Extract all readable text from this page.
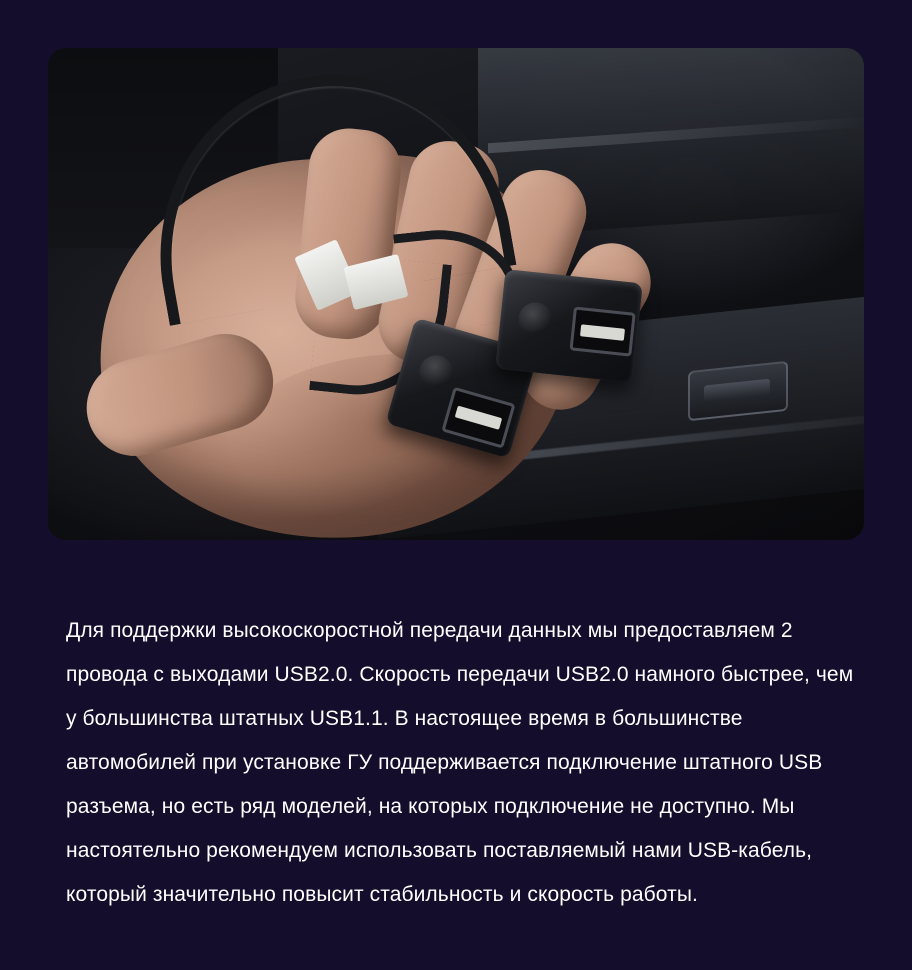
Для поддержки высокоскоростной передачи данных мы предоставляем 2 провода с выходами USB2.0. Скорость передачи USB2.0 намного быстрее, чем у большинства штатных USB1.1. В настоящее время в большинстве автомобилей при установке ГУ поддерживается подключение штатного USB разъема, но есть ряд моделей, на которых подключение не доступно. Мы настоятельно рекомендуем использовать поставляемый нами USB-кабель, который значительно повысит стабильность и скорость работы.
